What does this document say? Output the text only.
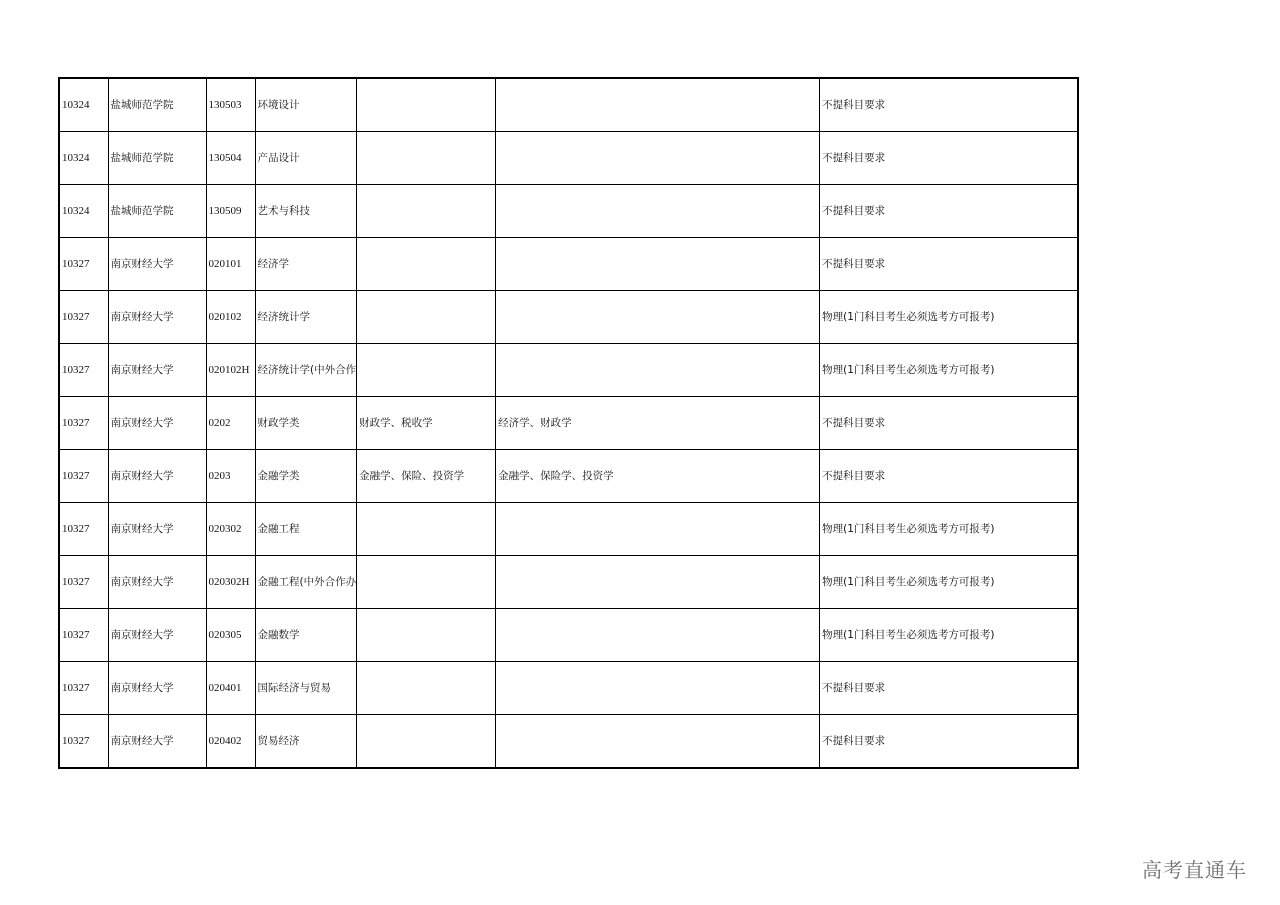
10324	盐城师范学院	130503	环境设计			不提科目要求
10324	盐城师范学院	130504	产品设计			不提科目要求
10324	盐城师范学院	130509	艺术与科技			不提科目要求
10327	南京财经大学	020101	经济学			不提科目要求
10327	南京财经大学	020102	经济统计学			物理(1门科目考生必须选考方可报考)
10327	南京财经大学	020102H	经济统计学(中外合作			物理(1门科目考生必须选考方可报考)
10327	南京财经大学	0202	财政学类	财政学、税收学	经济学、财政学	不提科目要求
10327	南京财经大学	0203	金融学类	金融学、保险、投资学	金融学、保险学、投资学	不提科目要求
10327	南京财经大学	020302	金融工程			物理(1门科目考生必须选考方可报考)
10327	南京财经大学	020302H	金融工程(中外合作办			物理(1门科目考生必须选考方可报考)
10327	南京财经大学	020305	金融数学			物理(1门科目考生必须选考方可报考)
10327	南京财经大学	020401	国际经济与贸易			不提科目要求
10327	南京财经大学	020402	贸易经济			不提科目要求
高考直通车
